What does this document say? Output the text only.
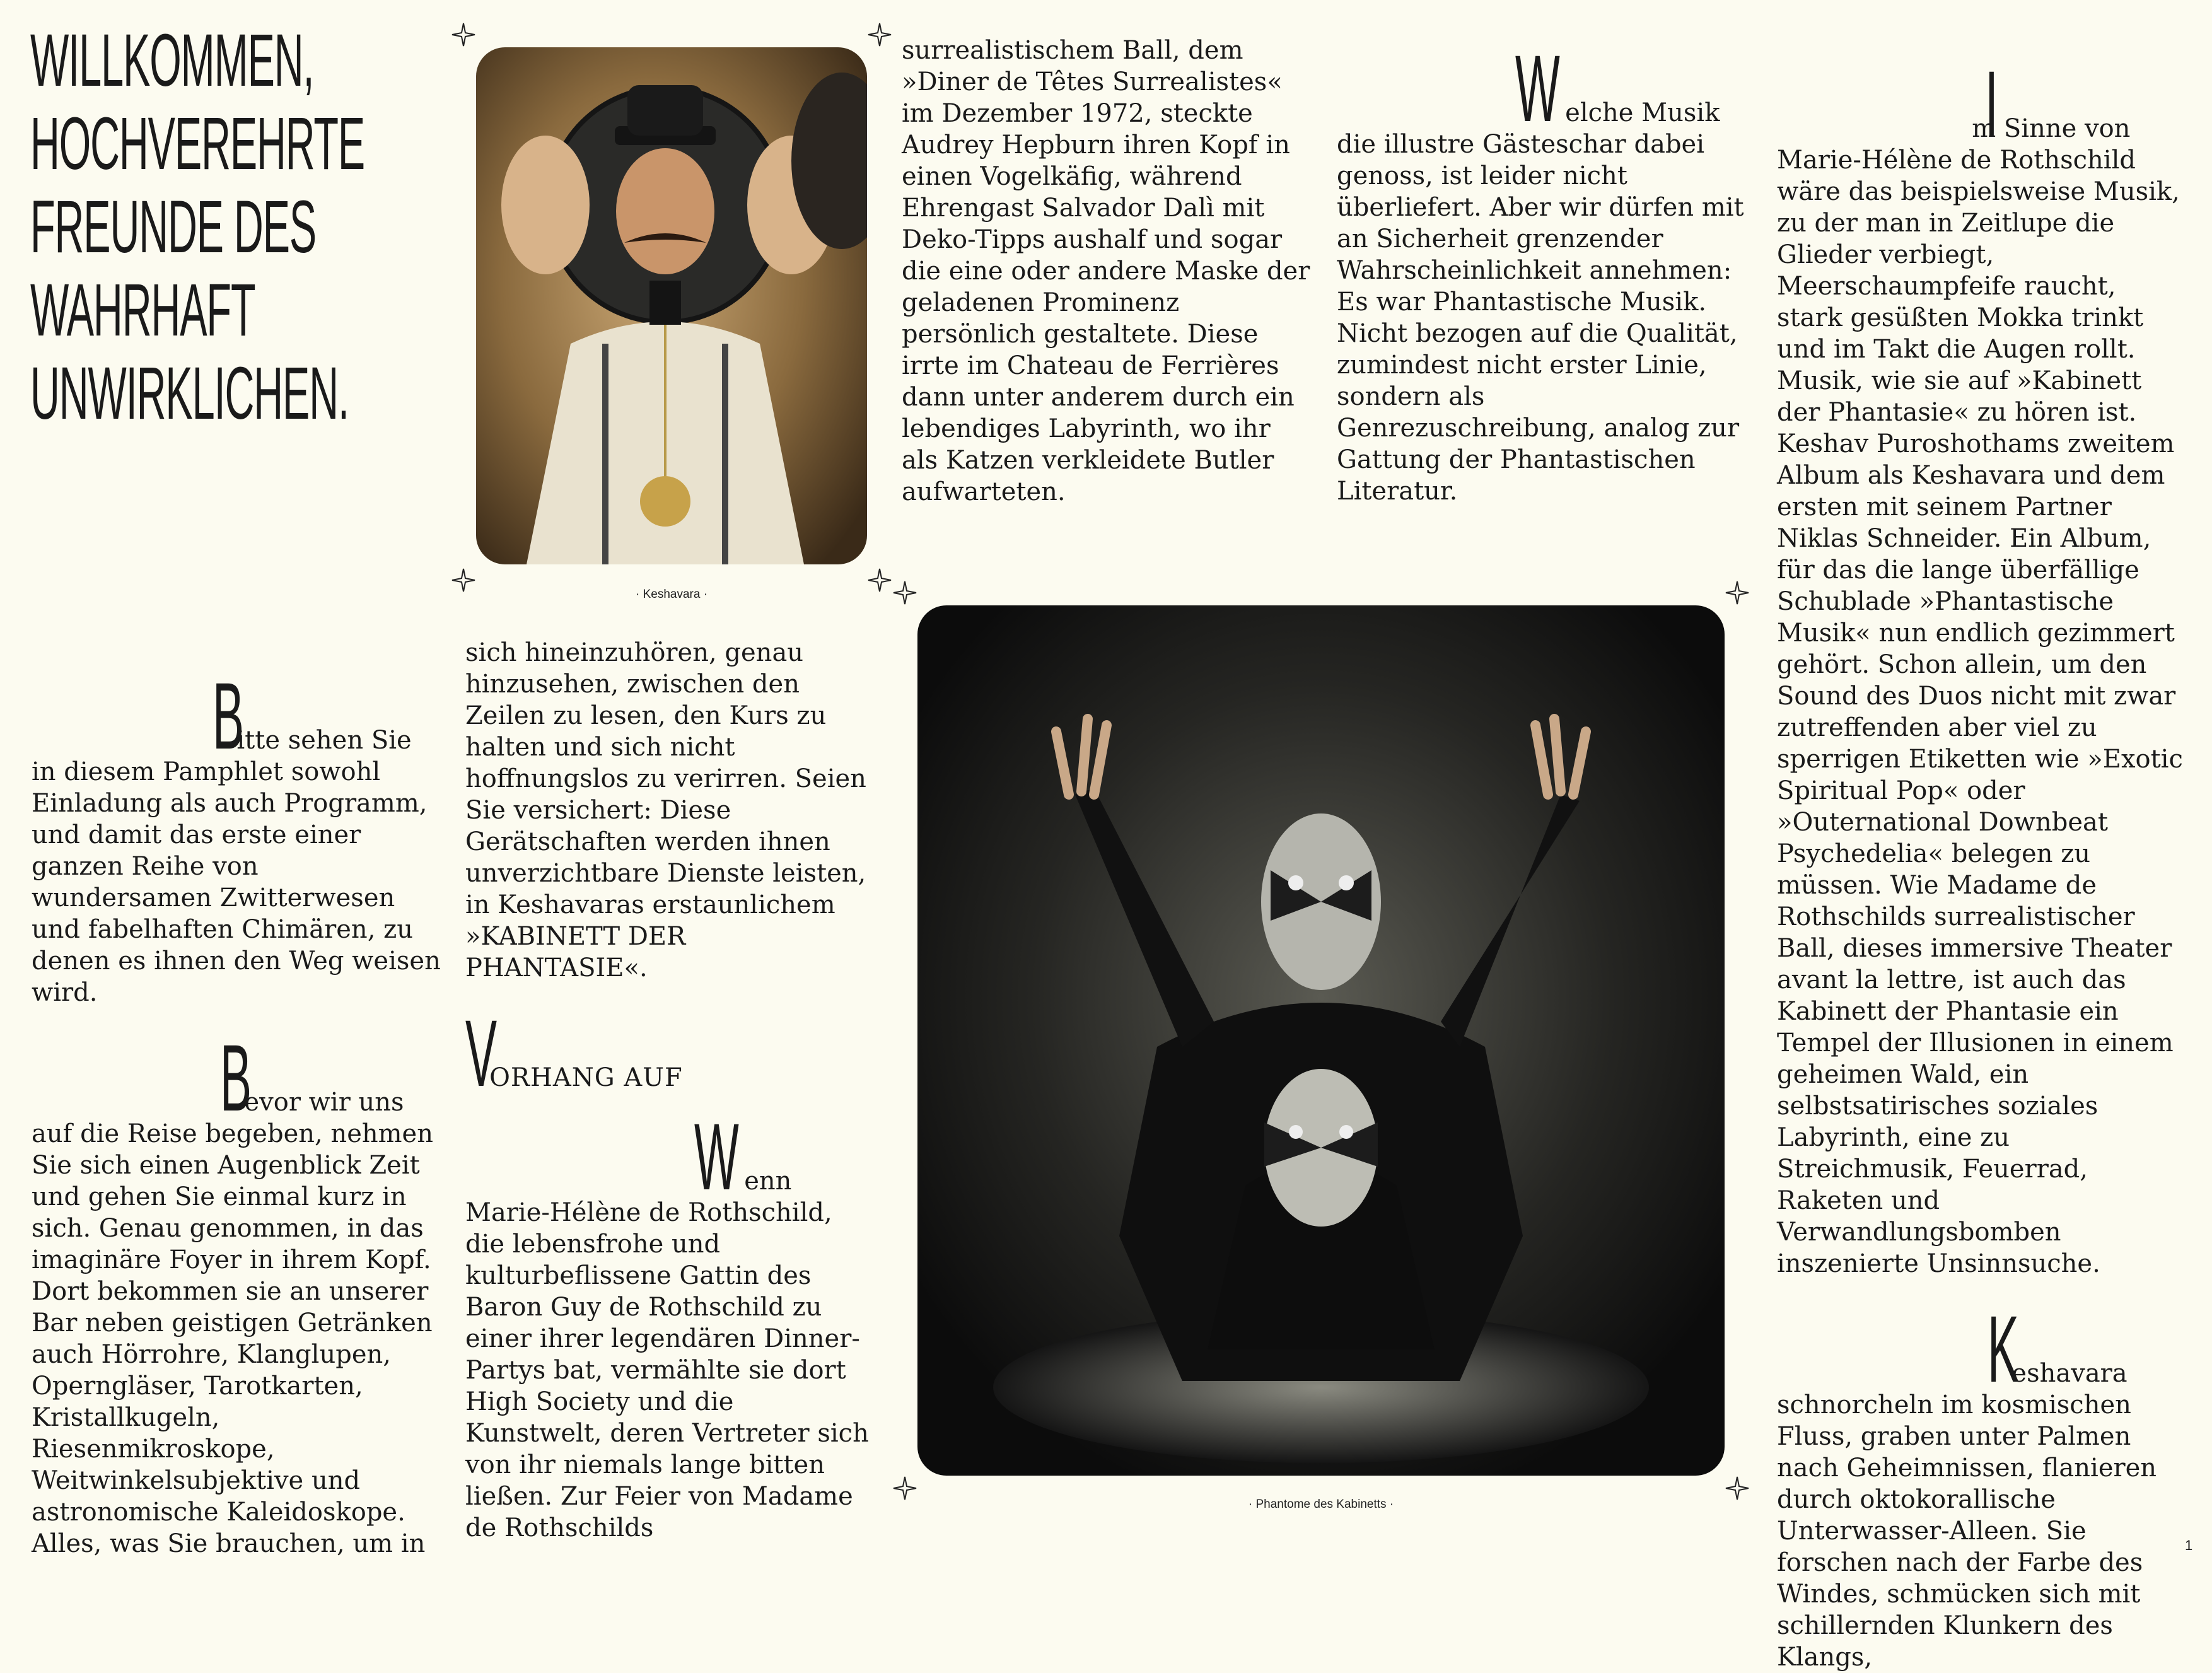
WILLKOMMEN,
HOCHVEREHRTE
FREUNDE DES
WAHRHAFT
UNWIRKLICHEN.

Bitte sehen Sie
in diesem Pamphlet sowohl Einladung als auch Programm, und damit das erste einer ganzen Reihe von wundersamen Zwitterwesen und fabelhaften Chimären, zu denen es ihnen den Weg weisen wird.

Bevor wir uns
auf die Reise begeben, nehmen Sie sich einen Augenblick Zeit und gehen Sie einmal kurz in sich. Genau genommen, in das imaginäre Foyer in ihrem Kopf. Dort bekommen sie an unserer Bar neben geistigen Getränken auch Hörrohre, Klanglupen, Operngläser, Tarotkarten, Kristallkugeln, Riesenmikroskope, Weitwinkelsubjektive und astronomische Kaleidoskope. Alles, was Sie brauchen, um in

· Keshavara ·

sich hineinzuhören, genau hinzusehen, zwischen den Zeilen zu lesen, den Kurs zu halten und sich nicht hoffnungslos zu verirren. Seien Sie versichert: Diese Gerätschaften werden ihnen unverzichtbare Dienste leisten, in Keshavaras erstaunlichem »KABINETT DER PHANTASIE«.

VORHANG AUF

Wenn
Marie-Hélène de Rothschild, die lebensfrohe und kulturbeflissene Gattin des Baron Guy de Rothschild zu einer ihrer legendären Dinner-Partys bat, vermählte sie dort High Society und die Kunstwelt, deren Vertreter sich von ihr niemals lange bitten ließen. Zur Feier von Madame de Rothschilds

surrealistischem Ball, dem »Diner de Têtes Surrealistes« im Dezember 1972, steckte Audrey Hepburn ihren Kopf in einen Vogelkäfig, während Ehrengast Salvador Dalì mit Deko-Tipps aushalf und sogar die eine oder andere Maske der geladenen Prominenz persönlich gestaltete. Diese irrte im Chateau de Ferrières dann unter anderem durch ein lebendiges Labyrinth, wo ihr als Katzen verkleidete Butler aufwarteten.

Welche Musik
die illustre Gästeschar dabei genoss, ist leider nicht überliefert. Aber wir dürfen mit an Sicherheit grenzender Wahrscheinlichkeit annehmen: Es war Phantastische Musik. Nicht bezogen auf die Qualität, zumindest nicht erster Linie, sondern als Genrezuschreibung, analog zur Gattung der Phantastischen Literatur.

· Phantome des Kabinetts ·

Im Sinne von
Marie-Hélène de Rothschild wäre das beispielsweise Musik, zu der man in Zeitlupe die Glieder verbiegt, Meerschaumpfeife raucht, stark gesüßten Mokka trinkt und im Takt die Augen rollt. Musik, wie sie auf »Kabinett der Phantasie« zu hören ist. Keshav Puroshothams zweitem Album als Keshavara und dem ersten mit seinem Partner Niklas Schneider. Ein Album, für das die lange überfällige Schublade »Phantastische Musik« nun endlich gezimmert gehört. Schon allein, um den Sound des Duos nicht mit zwar zutreffenden aber viel zu sperrigen Etiketten wie »Exotic Spiritual Pop« oder »Outernational Downbeat Psychedelia« belegen zu müssen. Wie Madame de Rothschilds surrealistischer Ball, dieses immersive Theater avant la lettre, ist auch das Kabinett der Phantasie ein Tempel der Illusionen in einem geheimen Wald, ein selbstsatirisches soziales Labyrinth, eine zu Streichmusik, Feuerrad, Raketen und Verwandlungsbomben inszenierte Unsinnsuche.

Keshavara
schnorcheln im kosmischen Fluss, graben unter Palmen nach Geheimnissen, flanieren durch oktokorallische Unterwasser-Alleen. Sie forschen nach der Farbe des Windes, schmücken sich mit schillernden Klunkern des Klangs,

1
